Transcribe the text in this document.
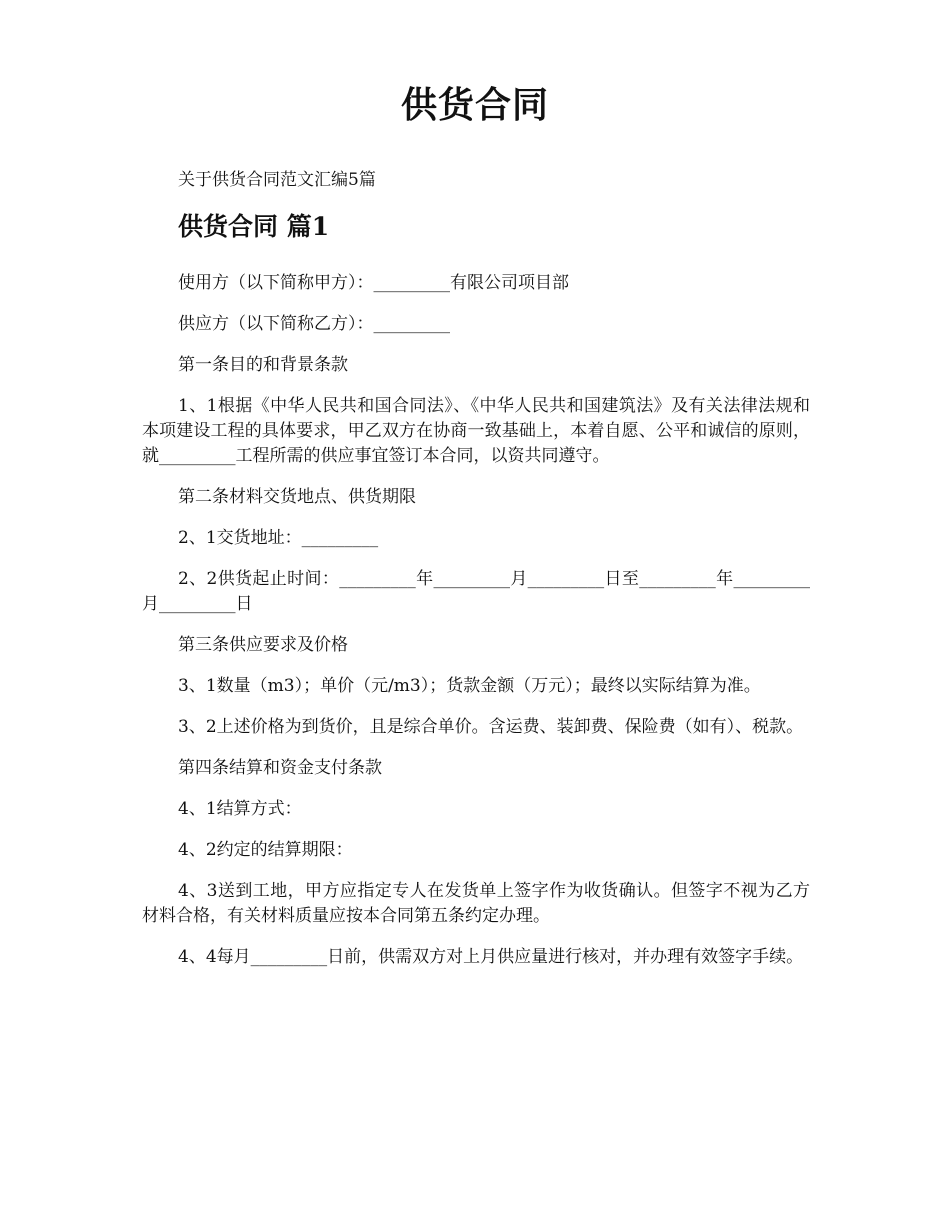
供货合同

关于供货合同范文汇编5篇

供货合同 篇1

使用方（以下简称甲方）：_________有限公司项目部

供应方（以下简称乙方）：_________

第一条目的和背景条款

1、1根据《中华人民共和国合同法》、《中华人民共和国建筑法》及有关法律法规和本项建设工程的具体要求，甲乙双方在协商一致基础上，本着自愿、公平和诚信的原则，就_________工程所需的供应事宜签订本合同，以资共同遵守。

第二条材料交货地点、供货期限

2、1交货地址：_________

2、2供货起止时间：_________年_________月_________日至_________年_________月_________日

第三条供应要求及价格

3、1数量（m3）；单价（元/m3）；货款金额（万元）；最终以实际结算为准。

3、2上述价格为到货价，且是综合单价。含运费、装卸费、保险费（如有）、税款。

第四条结算和资金支付条款

4、1结算方式：

4、2约定的结算期限：

4、3送到工地，甲方应指定专人在发货单上签字作为收货确认。但签字不视为乙方材料合格，有关材料质量应按本合同第五条约定办理。

4、4每月_________日前，供需双方对上月供应量进行核对，并办理有效签字手续。
